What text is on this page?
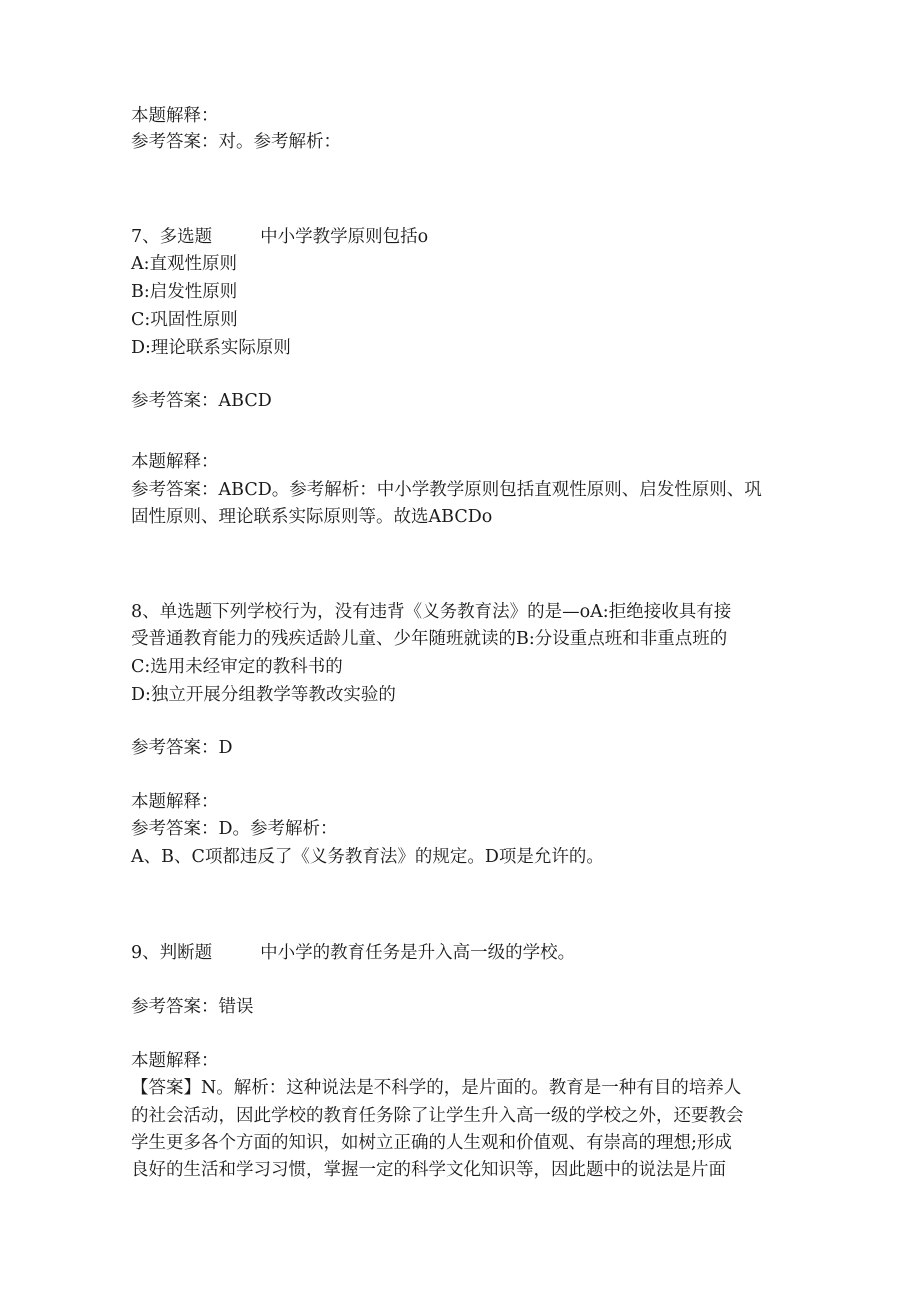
本题解释：
参考答案：对。参考解析：
7、多选题	中小学教学原则包括o
A:直观性原则
B:启发性原则
C:巩固性原则
D:理论联系实际原则
参考答案：ABCD
本题解释：
参考答案：ABCD。参考解析：中小学教学原则包括直观性原则、启发性原则、巩
固性原则、理论联系实际原则等。故选ABCDo
8、单选题下列学校行为，没有违背《义务教育法》的是—oA:拒绝接收具有接
受普通教育能力的残疾适龄儿童、少年随班就读的B:分设重点班和非重点班的
C:选用未经审定的教科书的
D:独立开展分组教学等教改实验的
参考答案：D
本题解释：
参考答案：D。参考解析：
A、B、C项都违反了《义务教育法》的规定。D项是允许的。
9、判断题	中小学的教育任务是升入高一级的学校。
参考答案：错误
本题解释：
【答案】N。解析：这种说法是不科学的，是片面的。教育是一种有目的培养人
的社会活动，因此学校的教育任务除了让学生升入高一级的学校之外，还要教会
学生更多各个方面的知识，如树立正确的人生观和价值观、有崇高的理想;形成
良好的生活和学习习惯，掌握一定的科学文化知识等，因此题中的说法是片面
